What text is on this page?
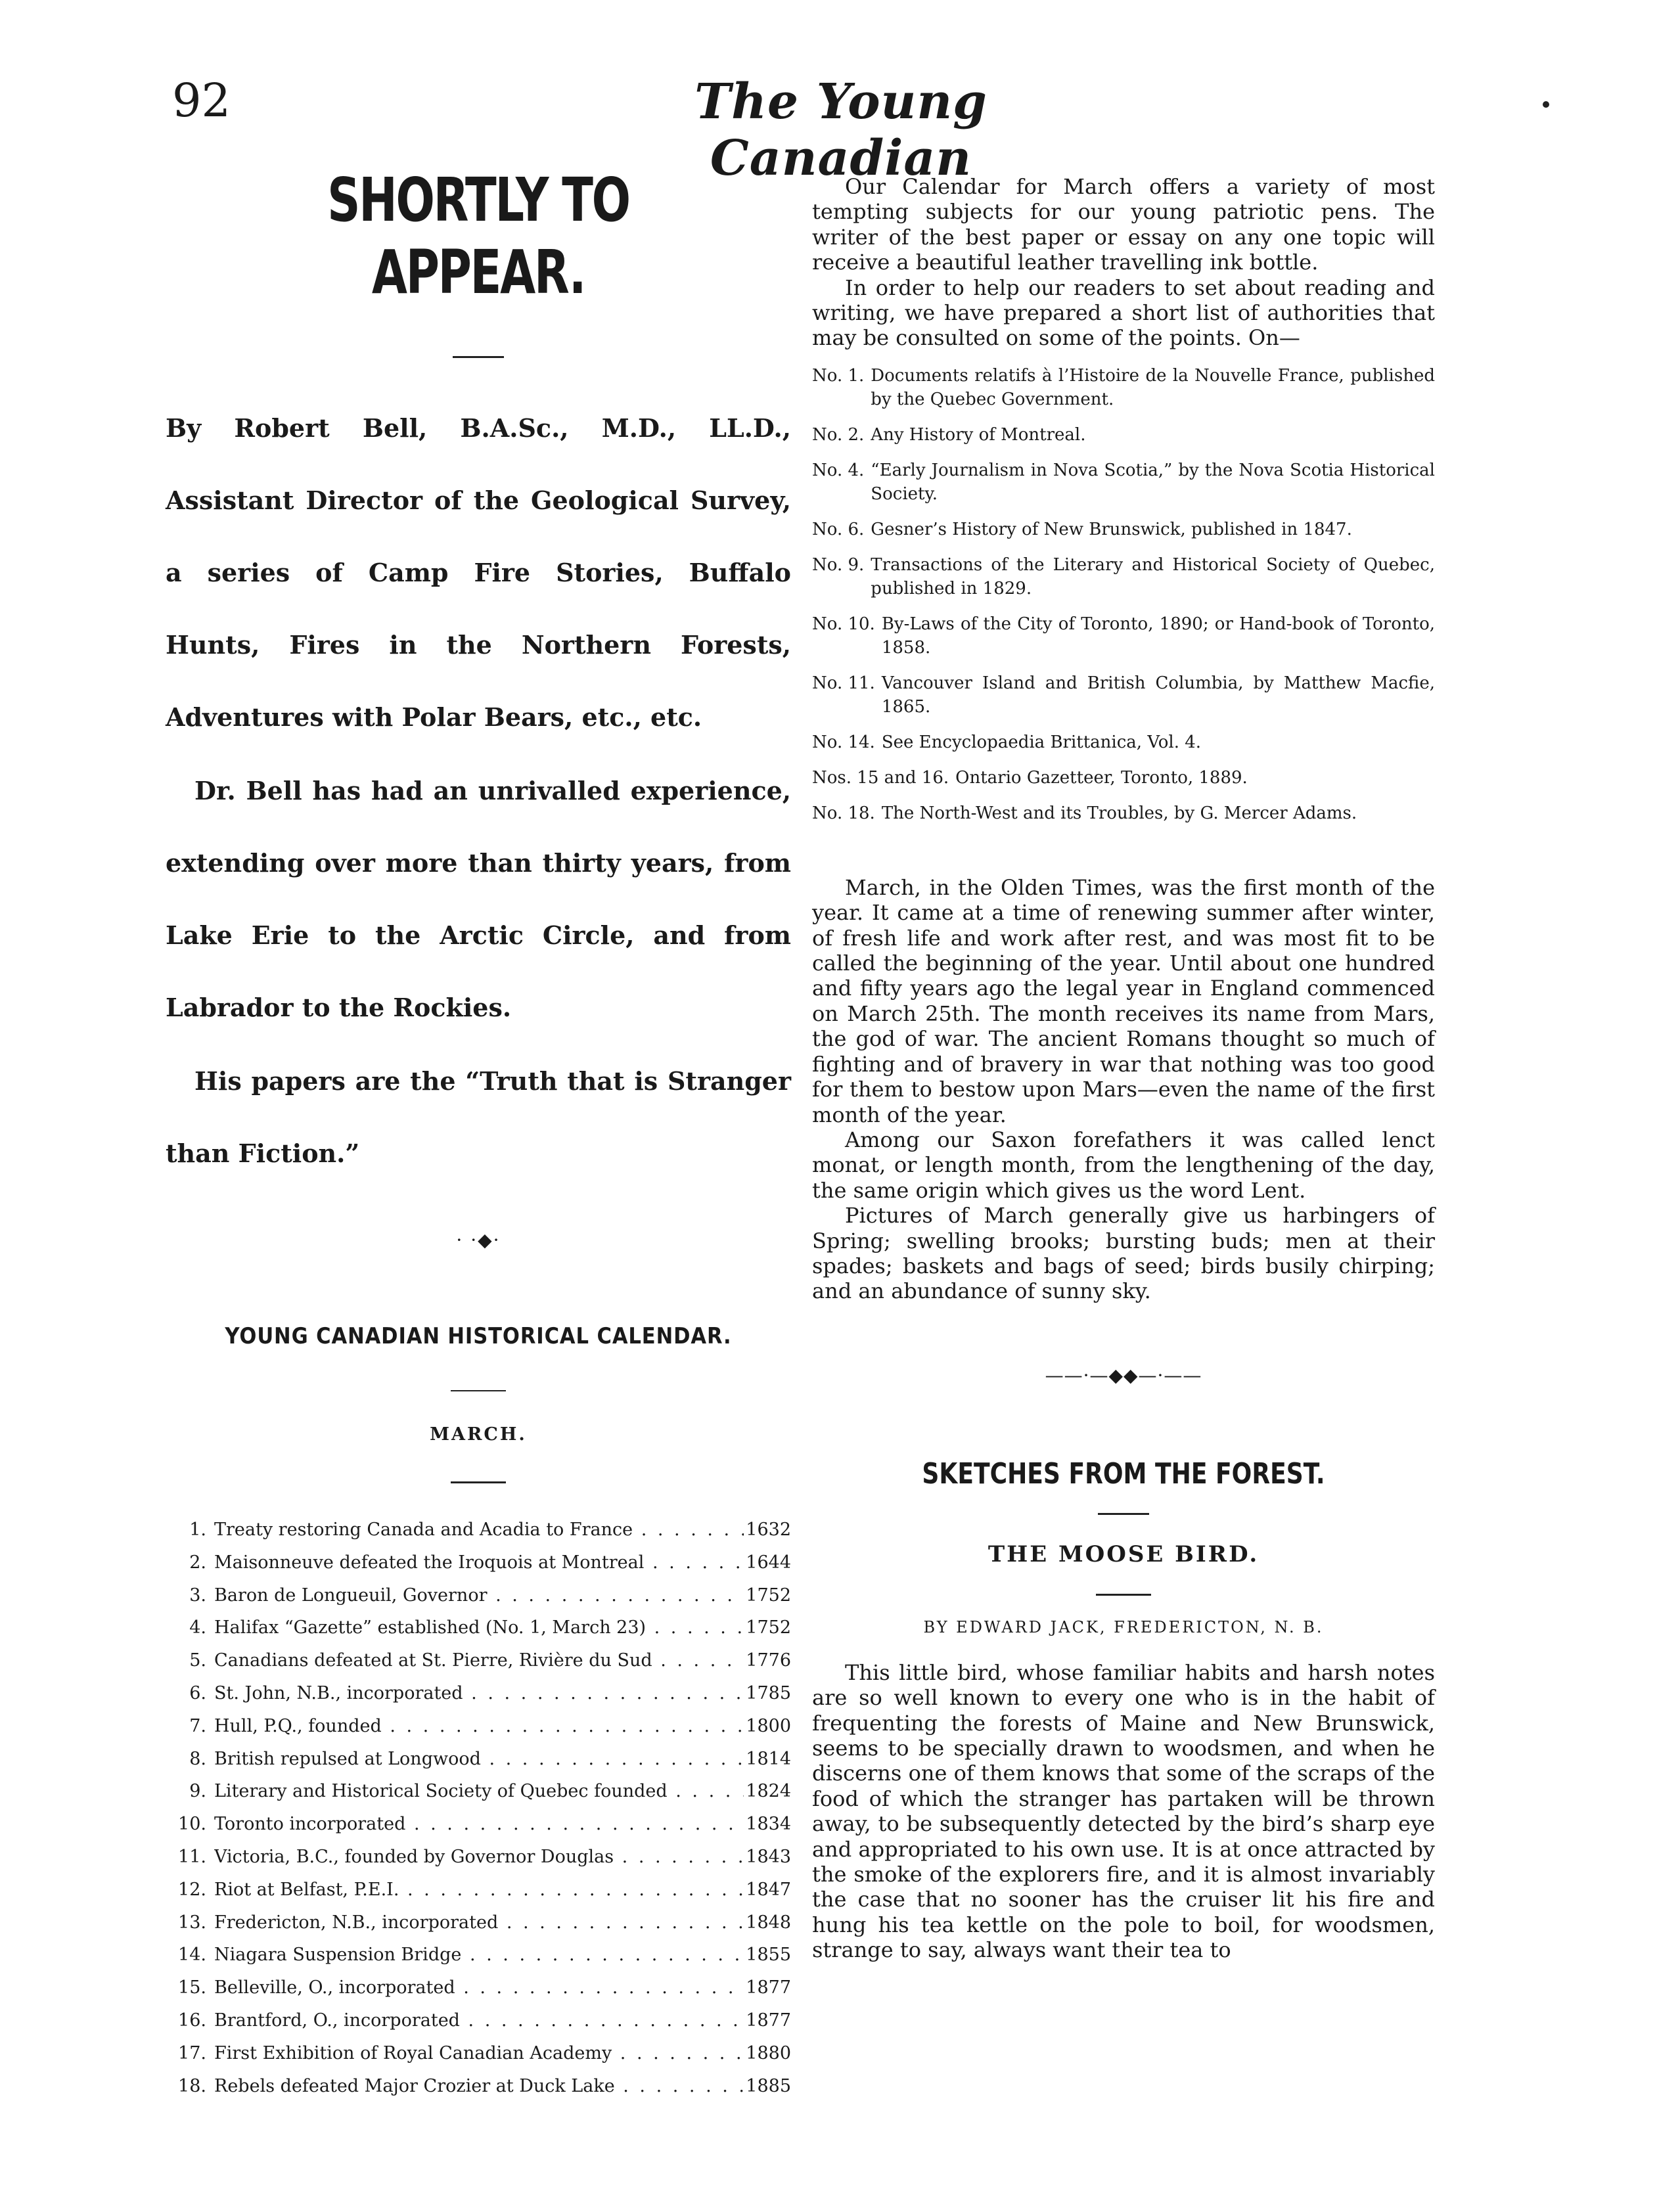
92	The Young Canadian
SHORTLY TO APPEAR.

By Robert Bell, B.A.Sc., M.D., LL.D., Assistant Director of the Geological Survey, a series of Camp Fire Stories, Buffalo Hunts, Fires in the Northern Forests, Adventures with Polar Bears, etc., etc.

Dr. Bell has had an unrivalled experience, extending over more than thirty years, from Lake Erie to the Arctic Circle, and from Labrador to the Rockies.

His papers are the “Truth that is Stranger than Fiction.”

· ·◆·
YOUNG CANADIAN HISTORICAL CALENDAR.
MARCH.
1. Treaty restoring Canada and Acadia to France . .	1632
2. Maisonneuve defeated the Iroquois at Montreal . .	1644
3. Baron de Longueuil, Governor . .	1752
4. Halifax “Gazette” established (No. 1, March 23) . .	1752
5. Canadians defeated at St. Pierre, Rivière du Sud . .	1776
6. St. John, N.B., incorporated . .	1785
7. Hull, P.Q., founded . .	1800
8. British repulsed at Longwood . .	1814
9. Literary and Historical Society of Quebec founded . .	1824
10. Toronto incorporated . .	1834
11. Victoria, B.C., founded by Governor Douglas . .	1843
12. Riot at Belfast, P.E.I. . .	1847
13. Fredericton, N.B., incorporated . .	1848
14. Niagara Suspension Bridge . .	1855
15. Belleville, O., incorporated . .	1877
16. Brantford, O., incorporated . .	1877
17. First Exhibition of Royal Canadian Academy . .	1880
18. Rebels defeated Major Crozier at Duck Lake . .	1885

Our Calendar for March offers a variety of most tempting subjects for our young patriotic pens. The writer of the best paper or essay on any one topic will receive a beautiful leather travelling ink bottle.

In order to help our readers to set about reading and writing, we have prepared a short list of authorities that may be consulted on some of the points. On—

No. 1. Documents relatifs à l’Histoire de la Nouvelle France, published by the Quebec Government.
No. 2. Any History of Montreal.
No. 4. “Early Journalism in Nova Scotia,” by the Nova Scotia Historical Society.
No. 6. Gesner’s History of New Brunswick, published in 1847.
No. 9. Transactions of the Literary and Historical Society of Quebec, published in 1829.
No. 10. By-Laws of the City of Toronto, 1890; or Hand-book of Toronto, 1858.
No. 11. Vancouver Island and British Columbia, by Matthew Macfie, 1865.
No. 14. See Encyclopaedia Brittanica, Vol. 4.
Nos. 15 and 16. Ontario Gazetteer, Toronto, 1889.
No. 18. The North-West and its Troubles, by G. Mercer Adams.

March, in the Olden Times, was the first month of the year. It came at a time of renewing summer after winter, of fresh life and work after rest, and was most fit to be called the beginning of the year. Until about one hundred and fifty years ago the legal year in England commenced on March 25th. The month receives its name from Mars, the god of war. The ancient Romans thought so much of fighting and of bravery in war that nothing was too good for them to bestow upon Mars—even the name of the first month of the year.

Among our Saxon forefathers it was called lenct monat, or length month, from the lengthening of the day, the same origin which gives us the word Lent.

Pictures of March generally give us harbingers of Spring; swelling brooks; bursting buds; men at their spades; baskets and bags of seed; birds busily chirping; and an abundance of sunny sky.

——·—◆◆—·——
SKETCHES FROM THE FOREST.
THE MOOSE BIRD.

BY EDWARD JACK, FREDERICTON, N. B.

This little bird, whose familiar habits and harsh notes are so well known to every one who is in the habit of frequenting the forests of Maine and New Brunswick, seems to be specially drawn to woodsmen, and when he discerns one of them knows that some of the scraps of the food of which the stranger has partaken will be thrown away, to be subsequently detected by the bird’s sharp eye and appropriated to his own use. It is at once attracted by the smoke of the explorers fire, and it is almost invariably the case that no sooner has the cruiser lit his fire and hung his tea kettle on the pole to boil, for woodsmen, strange to say, always want their tea to
